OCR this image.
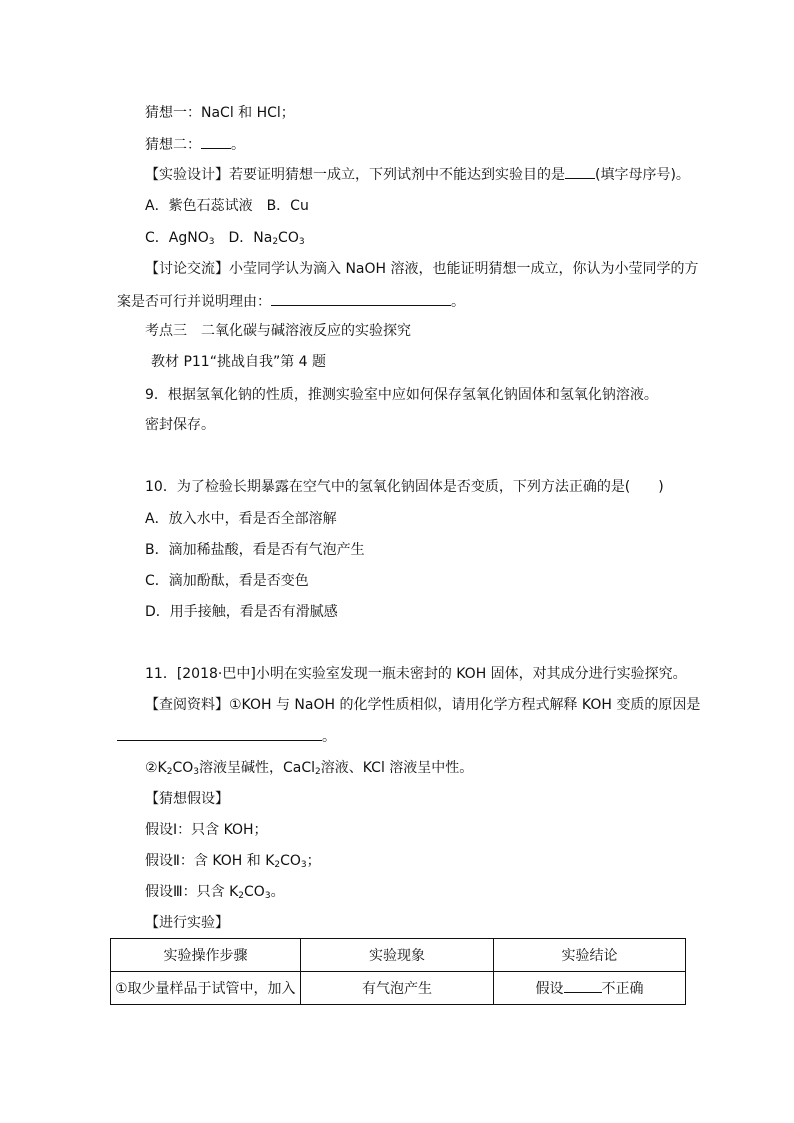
猜想一：NaCl 和 HCl；
猜想二： 。
【实验设计】若要证明猜想一成立，下列试剂中不能达到实验目的是 (填字母序号)。
A．紫色石蕊试液　B．Cu
C．AgNO$_3$　D．$Na_2CO_3$
【讨论交流】小莹同学认为滴入 NaOH 溶液，也能证明猜想一成立，你认为小莹同学的方
案是否可行并说明理由：	。
考点三　二氧化碳与碱溶液反应的实验探究
教材 P11“挑战自我”第 4 题
9．根据氢氧化钠的性质，推测实验室中应如何保存氢氧化钠固体和氢氧化钠溶液。
密封保存。
10．为了检验长期暴露在空气中的氢氧化钠固体是否变质，下列方法正确的是(　　)
A．放入水中，看是否全部溶解
B．滴加稀盐酸，看是否有气泡产生
C．滴加酚酞，看是否变色
D．用手接触，看是否有滑腻感
11．[2018·巴中]小明在实验室发现一瓶未密封的 KOH 固体，对其成分进行实验探究。
【查阅资料】①KOH 与 NaOH 的化学性质相似，请用化学方程式解释 KOH 变质的原因是
。
$②K_2CO_3$溶液呈碱性，CaCl$_2$溶液、KCl 溶液呈中性。
【猜想假设】
假设Ⅰ：只含 KOH；
假设Ⅱ：含 KOH 和 $K_2CO_3$；
假设Ⅲ：只含 $K_2CO_3$。
【进行实验】
实验操作步骤	实验现象	实验结论
①取少量样品于试管中，加入	有气泡产生	假设 不正确
